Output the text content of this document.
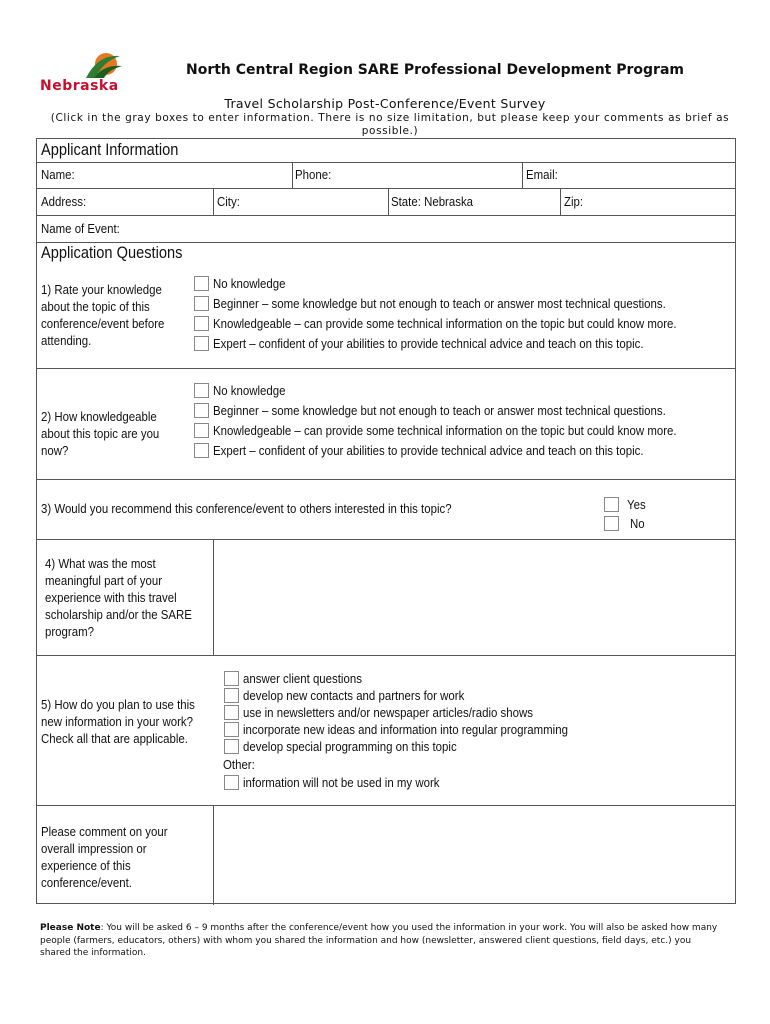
Nebraska
North Central Region SARE Professional Development Program
Travel Scholarship Post-Conference/Event Survey
(Click in the gray boxes to enter information. There is no size limitation, but please keep your comments as brief as possible.)
Applicant Information
Name:	Phone:	Email:
Address:	City:	State: Nebraska	Zip:
Name of Event:
Application Questions
1) Rate your knowledge about the topic of this conference/event before attending.
No knowledge
Beginner – some knowledge but not enough to teach or answer most technical questions.
Knowledgeable – can provide some technical information on the topic but could know more.
Expert – confident of your abilities to provide technical advice and teach on this topic.
2) How knowledgeable about this topic are you now?
No knowledge
Beginner – some knowledge but not enough to teach or answer most technical questions.
Knowledgeable – can provide some technical information on the topic but could know more.
Expert – confident of your abilities to provide technical advice and teach on this topic.
3) Would you recommend this conference/event to others interested in this topic?	Yes
No
4) What was the most meaningful part of your experience with this travel scholarship and/or the SARE program?
5) How do you plan to use this new information in your work? Check all that are applicable.
answer client questions
develop new contacts and partners for work
use in newsletters and/or newspaper articles/radio shows
incorporate new ideas and information into regular programming
develop special programming on this topic
Other:
information will not be used in my work
Please comment on your overall impression or experience of this conference/event.
Please Note: You will be asked 6 – 9 months after the conference/event how you used the information in your work. You will also be asked how many people (farmers, educators, others) with whom you shared the information and how (newsletter, answered client questions, field days, etc.) you shared the information.
